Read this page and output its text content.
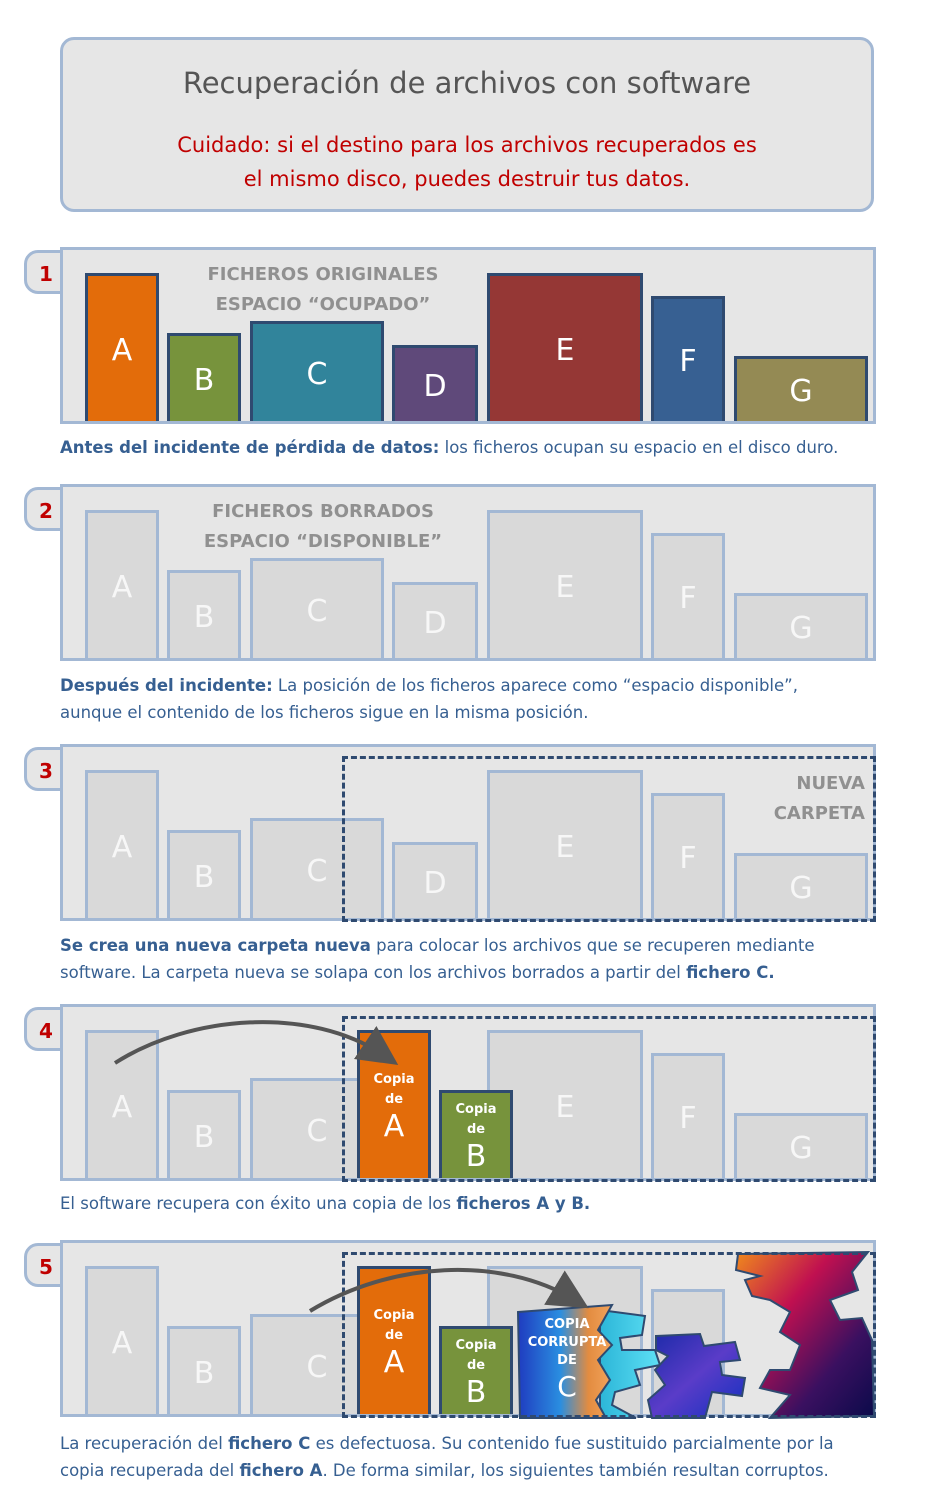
Recuperación de archivos con software
Cuidado: si el destino para los archivos recuperados es
el mismo disco, puedes destruir tus datos.
1
A
B	C	D
E	F
G
FICHEROS ORIGINALES
ESPACIO “OCUPADO”
Antes del incidente de pérdida de datos: los ficheros ocupan su espacio en el disco duro.
2
A
B	C	D
E	F
G
FICHEROS BORRADOS
ESPACIO “DISPONIBLE”
Después del incidente: La posición de los ficheros aparece como “espacio disponible”,
aunque el contenido de los ficheros sigue en la misma posición.
3
A
B	C	D
E	F
G
NUEVA
CARPETA
Se crea una nueva carpeta nueva para colocar los archivos que se recuperen mediante
software. La carpeta nueva se solapa con los archivos borrados a partir del fichero C.
4
A
B	C
E	F
G
Copia
de
A	Copia
de
B
El software recupera con éxito una copia de los ficheros A y B.
5
A
B	C
Copia
de
A	Copia
de
B
COPIA
CORRUPTA
DE
C
La recuperación del fichero C es defectuosa. Su contenido fue sustituido parcialmente por la
copia recuperada del fichero A. De forma similar, los siguientes también resultan corruptos.
